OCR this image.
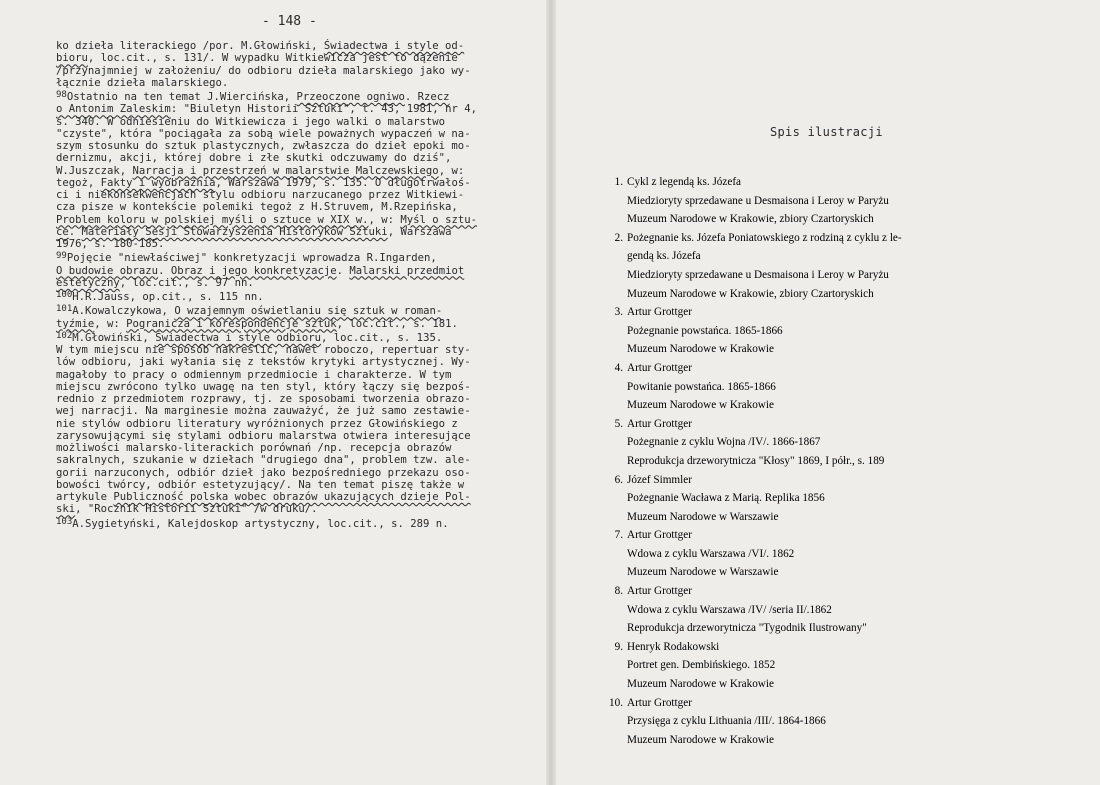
- 148 -
ko dzieła literackiego /por. M.Głowiński, Świadectwa i style od-
bioru, loc.cit., s. 131/. W wypadku Witkiewicza jest to dążenie
/przynajmniej w założeniu/ do odbioru dzieła malarskiego jako wy-
łącznie dzieła malarskiego.
$^{98}$Ostatnio na ten temat J.Wiercińska, Przeoczone ogniwo. Rzecz
o Antonim Zaleskim: "Biuletyn Historii Sztuki", t. 43, 1981, nr 4,
s. 340. W odniesieniu do Witkiewicza i jego walki o malarstwo
"czyste", która "pociągała za sobą wiele poważnych wypaczeń w na-
szym stosunku do sztuk plastycznych, zwłaszcza do dzieł epoki mo-
dernizmu, akcji, której dobre i złe skutki odczuwamy do dziś",
W.Juszczak, Narracja i przestrzeń w malarstwie Malczewskiego, w:
tegoż, Fakty i wyobraźnia, Warszawa 1979, s. 135. O długotrwałoś-
ci i niekonsekwencjach stylu odbioru narzucanego przez Witkiewi-
cza pisze w kontekście polemiki tegoż z H.Struvem, M.Rzepińska,
Problem koloru w polskiej myśli o sztuce w XIX w., w: Myśl o sztu-
ce. Materiały Sesji Stowarzyszenia Historyków Sztuki, Warszawa
1976, s. 180-185.
$^{99}$Pojęcie "niewłaściwej" konkretyzacji wprowadza R.Ingarden,
O budowie obrazu. Obraz i jego konkretyzacje. Malarski przedmiot
estetyczny, loc.cit., s. 97 nn.
$^{100}$H.R.Jauss, op.cit., s. 115 nn.
$^{101}$A.Kowalczykowa, O wzajemnym oświetlaniu się sztuk w roman-
tyźmie, w: Pogranicza i korespondencje sztuk, loc.cit., s. 181.
$^{102}$M.Głowiński, Świadectwa i style odbioru, loc.cit., s. 135.
W tym miejscu nie sposób nakreślić, nawet roboczo, repertuar sty-
lów odbioru, jaki wyłania się z tekstów krytyki artystycznej. Wy-
magałoby to pracy o odmiennym przedmiocie i charakterze. W tym
miejscu zwrócono tylko uwagę na ten styl, który łączy się bezpoś-
rednio z przedmiotem rozprawy, tj. ze sposobami tworzenia obrazo-
wej narracji. Na marginesie można zauważyć, że już samo zestawie-
nie stylów odbioru literatury wyróżnionych przez Głowińskiego z
zarysowującymi się stylami odbioru malarstwa otwiera interesujące
możliwości malarsko-literackich porównań /np. recepcja obrazów
sakralnych, szukanie w dziełach "drugiego dna", problem tzw. ale-
gorii narzuconych, odbiór dzieł jako bezpośredniego przekazu oso-
bowości twórcy, odbiór estetyzujący/. Na ten temat piszę także w
artykule Publiczność polska wobec obrazów ukazujących dzieje Pol-
ski, "Rocznik Historii Sztuki" /w druku/.
$^{103}$A.Sygietyński, Kalejdoskop artystyczny, loc.cit., s. 289 n.
Spis ilustracji
1. Cykl z legendą ks. Józefa
Miedzioryty sprzedawane u Desmaisona i Leroy w Paryżu
Muzeum Narodowe w Krakowie, zbiory Czartoryskich
2. Pożegnanie ks. Józefa Poniatowskiego z rodziną z cyklu z le-
gendą ks. Józefa
Miedzioryty sprzedawane u Desmaisona i Leroy w Paryżu
Muzeum Narodowe w Krakowie, zbiory Czartoryskich
3. Artur Grottger
Pożegnanie powstańca. 1865-1866
Muzeum Narodowe w Krakowie
4. Artur Grottger
Powitanie powstańca. 1865-1866
Muzeum Narodowe w Krakowie
5. Artur Grottger
Pożegnanie z cyklu Wojna /IV/. 1866-1867
Reprodukcja drzeworytnicza "Kłosy" 1869, I półr., s. 189
6. Józef Simmler
Pożegnanie Wacława z Marią. Replika 1856
Muzeum Narodowe w Warszawie
7. Artur Grottger
Wdowa z cyklu Warszawa /VI/. 1862
Muzeum Narodowe w Warszawie
8. Artur Grottger
Wdowa z cyklu Warszawa /IV/ /seria II/.1862
Reprodukcja drzeworytnicza "Tygodnik Ilustrowany"
9. Henryk Rodakowski
Portret gen. Dembińskiego. 1852
Muzeum Narodowe w Krakowie
10. Artur Grottger
Przysięga z cyklu Lithuania /III/. 1864-1866
Muzeum Narodowe w Krakowie
